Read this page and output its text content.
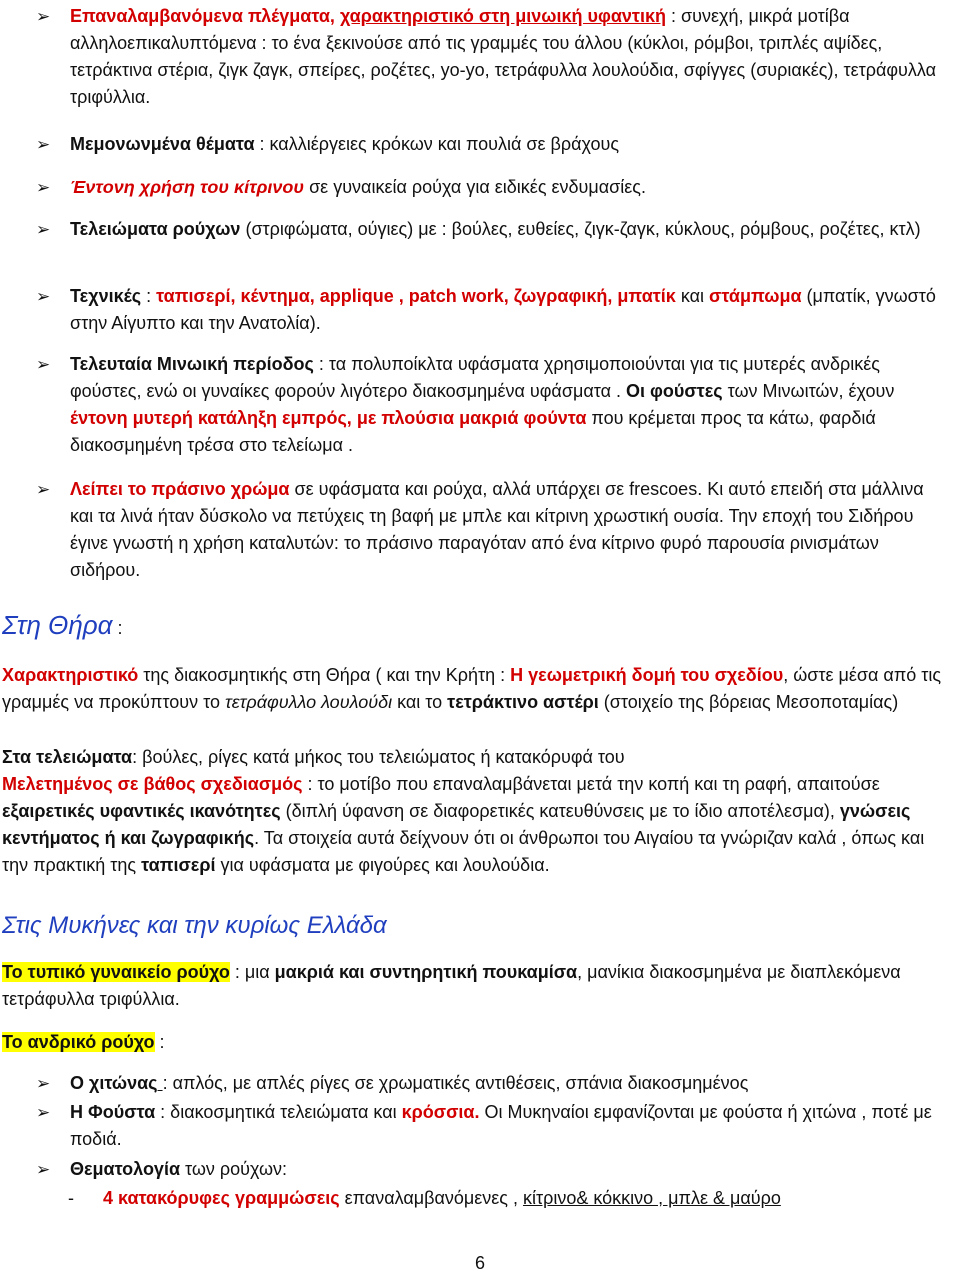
➢ Επαναλαμβανόμενα πλέγματα, χαρακτηριστικό στη μινωική υφαντική : συνεχή, μικρά μοτίβα αλληλοεπικαλυπτόμενα : το ένα ξεκινούσε από τις γραμμές του άλλου (κύκλοι, ρόμβοι, τριπλές αψίδες, τετράκτινα στέρια, ζιγκ ζαγκ, σπείρες, ροζέτες, yo-yo, τετράφυλλα λουλούδια, σφίγγες (συριακές), τετράφυλλα τριφύλλια.
➢ Μεμονωνμένα θέματα : καλλιέργειες κρόκων και πουλιά σε βράχους
➢ Έντονη χρήση του κίτρινου σε γυναικεία ρούχα για ειδικές ενδυμασίες.
➢ Τελειώματα ρούχων (στριφώματα, ούγιες) με : βούλες, ευθείες, ζιγκ-ζαγκ, κύκλους, ρόμβους, ροζέτες, κτλ)
➢ Τεχνικές : ταπισερί, κέντημα, applique , patch work, ζωγραφική, μπατίκ και στάμπωμα (μπατίκ, γνωστό στην Αίγυπτο και την Ανατολία).
➢ Τελευταία Μινωική περίοδος : τα πολυποίκλτα υφάσματα χρησιμοποιούνται για τις μυτερές ανδρικές φούστες, ενώ οι γυναίκες φορούν λιγότερο διακοσμημένα υφάσματα . Οι φούστες των Μινωιτών, έχουν έντονη μυτερή κατάληξη εμπρός, με πλούσια μακριά φούντα που κρέμεται προς τα κάτω, φαρδιά διακοσμημένη τρέσα στο τελείωμα .
➢ Λείπει το πράσινο χρώμα σε υφάσματα και ρούχα, αλλά υπάρχει σε frescoes. Κι αυτό επειδή στα μάλλινα και τα λινά ήταν δύσκολο να πετύχεις τη βαφή με μπλε και κίτρινη χρωστική ουσία. Την εποχή του Σιδήρου έγινε γνωστή η χρήση καταλυτών: το πράσινο παραγόταν από ένα κίτρινο φυρό παρουσία ρινισμάτων σιδήρου.
Στη Θήρα :
Χαρακτηριστικό της διακοσμητικής στη Θήρα ( και την Κρήτη : Η γεωμετρική δομή του σχεδίου, ώστε μέσα από τις γραμμές να προκύπτουν το τετράφυλλο λουλούδι και το τετράκτινο αστέρι (στοιχείο της βόρειας Μεσοποταμίας)
Στα τελειώματα: βούλες, ρίγες κατά μήκος του τελειώματος ή κατακόρυφά του
Μελετημένος σε βάθος σχεδιασμός : το μοτίβο που επαναλαμβάνεται μετά την κοπή και τη ραφή, απαιτούσε εξαιρετικές υφαντικές ικανότητες (διπλή ύφανση σε διαφορετικές κατευθύνσεις με το ίδιο αποτέλεσμα), γνώσεις κεντήματος ή και ζωγραφικής. Τα στοιχεία αυτά δείχνουν ότι οι άνθρωποι του Αιγαίου τα γνώριζαν καλά , όπως και την πρακτική της ταπισερί για υφάσματα με φιγούρες και λουλούδια.
Στις Μυκήνες και την κυρίως Ελλάδα
Το τυπικό γυναικείο ρούχο : μια μακριά και συντηρητική πουκαμίσα, μανίκια διακοσμημένα με διαπλεκόμενα τετράφυλλα τριφύλλια.
Το ανδρικό ρούχο :
➢ Ο χιτώνας : απλός, με απλές ρίγες σε χρωματικές αντιθέσεις, σπάνια διακοσμημένος
➢ Η Φούστα : διακοσμητικά τελειώματα και κρόσσια. Οι Μυκηναίοι εμφανίζονται με φούστα ή χιτώνα , ποτέ με ποδιά.
➢ Θεματολογία των ρούχων:
- 4 κατακόρυφες γραμμώσεις επαναλαμβανόμενες , κίτρινο& κόκκινο , μπλε & μαύρο
6
